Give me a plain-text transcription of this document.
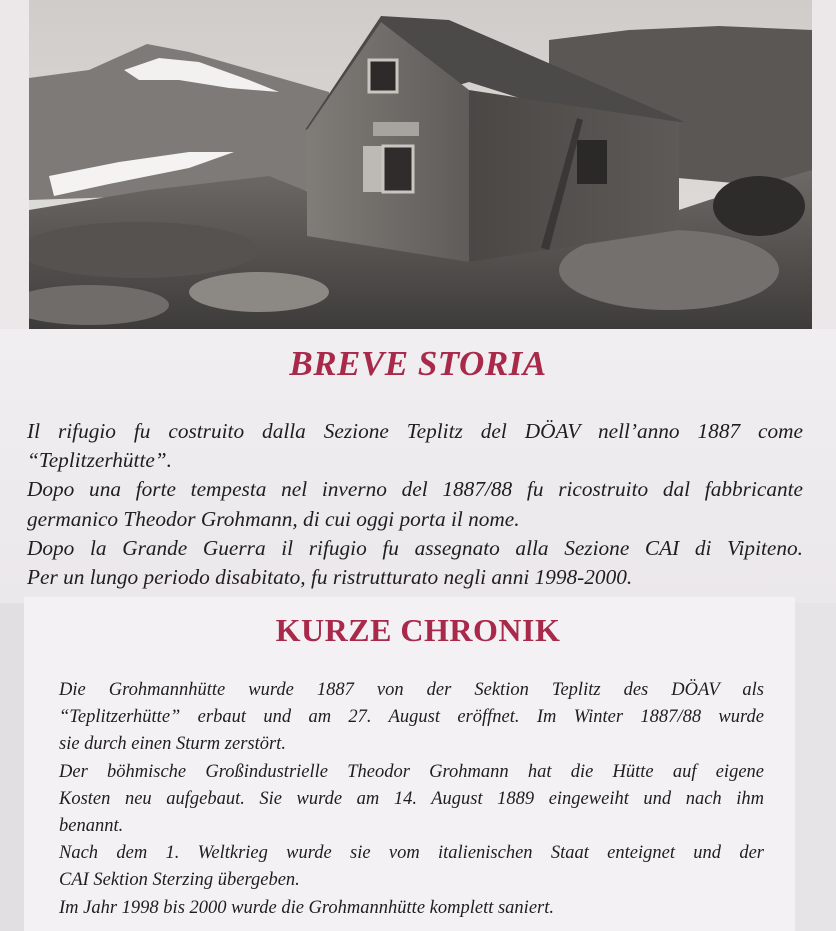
BREVE STORIA
Il rifugio fu costruito dalla Sezione Teplitz del DÖAV nell’anno 1887 come
“Teplitzerhütte”.
Dopo una forte tempesta nel inverno del 1887/88 fu ricostruito dal fabbricante
germanico Theodor Grohmann, di cui oggi porta il nome.
Dopo la Grande Guerra il rifugio fu assegnato alla Sezione CAI di Vipiteno.
Per un lungo periodo disabitato, fu ristrutturato negli anni 1998-2000.
KURZE CHRONIK
Die Grohmannhütte wurde 1887 von der Sektion Teplitz des DÖAV als
“Teplitzerhütte” erbaut und am 27. August eröffnet. Im Winter 1887/88 wurde
sie durch einen Sturm zerstört.
Der böhmische Großindustrielle Theodor Grohmann hat die Hütte auf eigene
Kosten neu aufgebaut. Sie wurde am 14. August 1889 eingeweiht und nach ihm
benannt.
Nach dem 1. Weltkrieg wurde sie vom italienischen Staat enteignet und der
CAI Sektion Sterzing übergeben.
Im Jahr 1998 bis 2000 wurde die Grohmannhütte komplett saniert.
